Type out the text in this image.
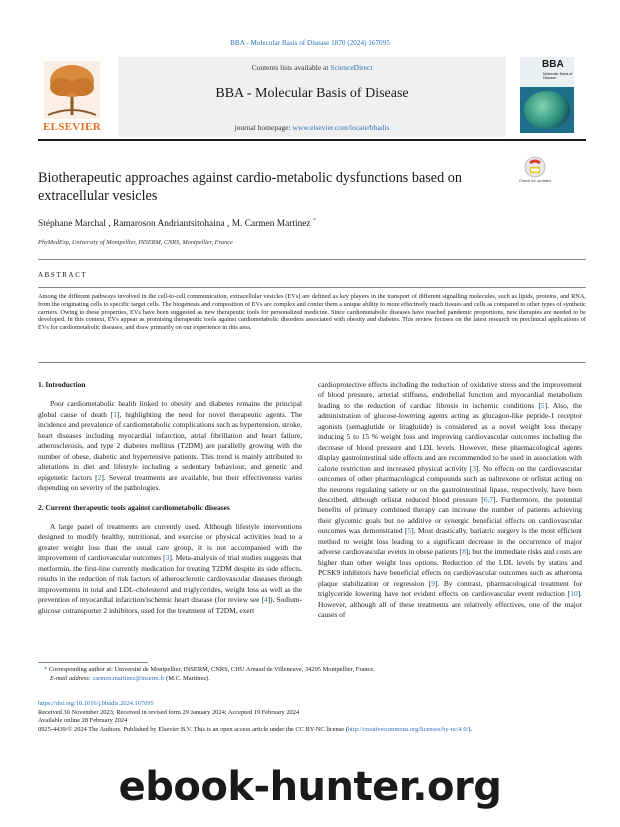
BBA - Molecular Basis of Disease 1870 (2024) 167095
ELSEVIER
Contents lists available at ScienceDirect
BBA - Molecular Basis of Disease
journal homepage: www.elsevier.com/locate/bbadis
BBA
Molecular Basis of Disease
Biotherapeutic approaches against cardio-metabolic dysfunctions based on extracellular vesicles
Check for updates
Stéphane Marchal , Ramaroson Andriantsitohaina , M. Carmen Martinez *
PhyMedExp, University of Montpellier, INSERM, CNRS, Montpellier, France
ABSTRACT
Among the different pathways involved in the cell-to-cell communication, extracellular vesicles (EVs) are defined as key players in the transport of different signalling molecules, such as lipids, proteins, and RNA, from the originating cells to specific target cells. The biogenesis and composition of EVs are complex and confer them a unique ability to more effectively reach tissues and cells as compared to other types of synthetic carriers. Owing to these properties, EVs have been suggested as new therapeutic tools for personalized medicine. Since cardiometabolic diseases have reached pandemic proportions, new therapies are needed to be developed. In this context, EVs appear as promising therapeutic tools against cardiometabolic disorders associated with obesity and diabetes. This review focuses on the latest research on preclinical applications of EVs for cardiometabolic diseases, and draw primarily on our experience in this area.

1. Introduction

Poor cardiometabolic health linked to obesity and diabetes remains the principal global cause of death [1], highlighting the need for novel therapeutic agents. The incidence and prevalence of cardiometabolic complications such as hypertension, stroke, heart diseases including myocardial infarction, atrial fibrillation and heart failure, atherosclerosis, and type 2 diabetes mellitus (T2DM) are parallelly growing with the number of obese, diabetic and hypertensive patients. This trend is mainly attributed to alterations in diet and lifestyle including a sedentary behaviour, and genetic and epigenetic factors [2]. Several treatments are available, but their effectiveness varies depending on severity of the pathologies.

2. Current therapeutic tools against cardiometabolic diseases

A large panel of treatments are currently used. Although lifestyle interventions designed to modify healthy, nutritional, and exercise or physical activities lead to a greater weight loss than the usual care group, it is not accompanied with the improvement of cardiovascular outcomes [3]. Meta-analysis of trial studies suggests that metformin, the first-line currently medication for treating T2DM despite its side effects, results in the reduction of risk factors of atherosclerotic cardiovascular diseases through improvements in total and LDL-cholesterol and triglycerides, weight loss as well as the prevention of myocardial infarction/ischemic heart disease (for review see [4]). Sodium-glucose cotransporter 2 inhibitors, used for the treatment of T2DM, exert

cardioprotective effects including the reduction of oxidative stress and the improvement of blood pressure, arterial stiffness, endothelial function and myocardial metabolism leading to the reduction of cardiac fibrosis in ischemic conditions [5]. Also, the administration of glucose-lowering agents acting as glucagon-like peptide-1 receptor agonists (semaglutide or liraglutide) is considered as a novel weight loss therapy inducing 5 to 15 % weight loss and improving cardiovascular outcomes including the decrease of blood pressure and LDL levels. However, these pharmacological agents display gastrointestinal side effects and are recommended to be used in association with calorie restriction and increased physical activity [3]. No effects on the cardiovascular outcomes of other pharmacological compounds such as naltrexone or orlistat acting on the neurons regulating satiety or on the gastrointestinal lipase, respectively, have been described, although orlistat reduced blood pressure [6,7]. Furthermore, the potential benefits of primary combined therapy can increase the number of patients achieving their glycemic goals but no additive or synergic beneficial effects on cardiovascular outcomes was demonstrated [5]. Most drastically, bariatric surgery is the most efficient method to weight loss leading to a significant decrease in the occurrence of major adverse cardiovascular events in obese patients [8]; but the immediate risks and costs are higher than other weight loss options. Reduction of the LDL levels by statins and PCSK9 inhibitors have beneficial effects on cardiovascular outcomes such as atheroma plaque stabilization or regression [9]. By contrast, pharmacological treatment for triglyceride lowering have not evident effects on cardiovascular event reduction [10]. However, although all of these treatments are relatively effectives, one of the major causes of

* Corresponding author at: Université de Montpellier, INSERM, CNRS, CHU Arnaud de Villeneuve, 34295 Montpellier, France.
E-mail address: carmen.martinez@inserm.fr (M.C. Martinez).
https://doi.org/10.1016/j.bbadis.2024.167095
Received 30 November 2023; Received in revised form 29 January 2024; Accepted 19 February 2024
Available online 28 February 2024
0925-4439/© 2024 The Authors. Published by Elsevier B.V. This is an open access article under the CC BY-NC license (http://creativecommons.org/licenses/by-nc/4.0/).
ebook-hunter.org
